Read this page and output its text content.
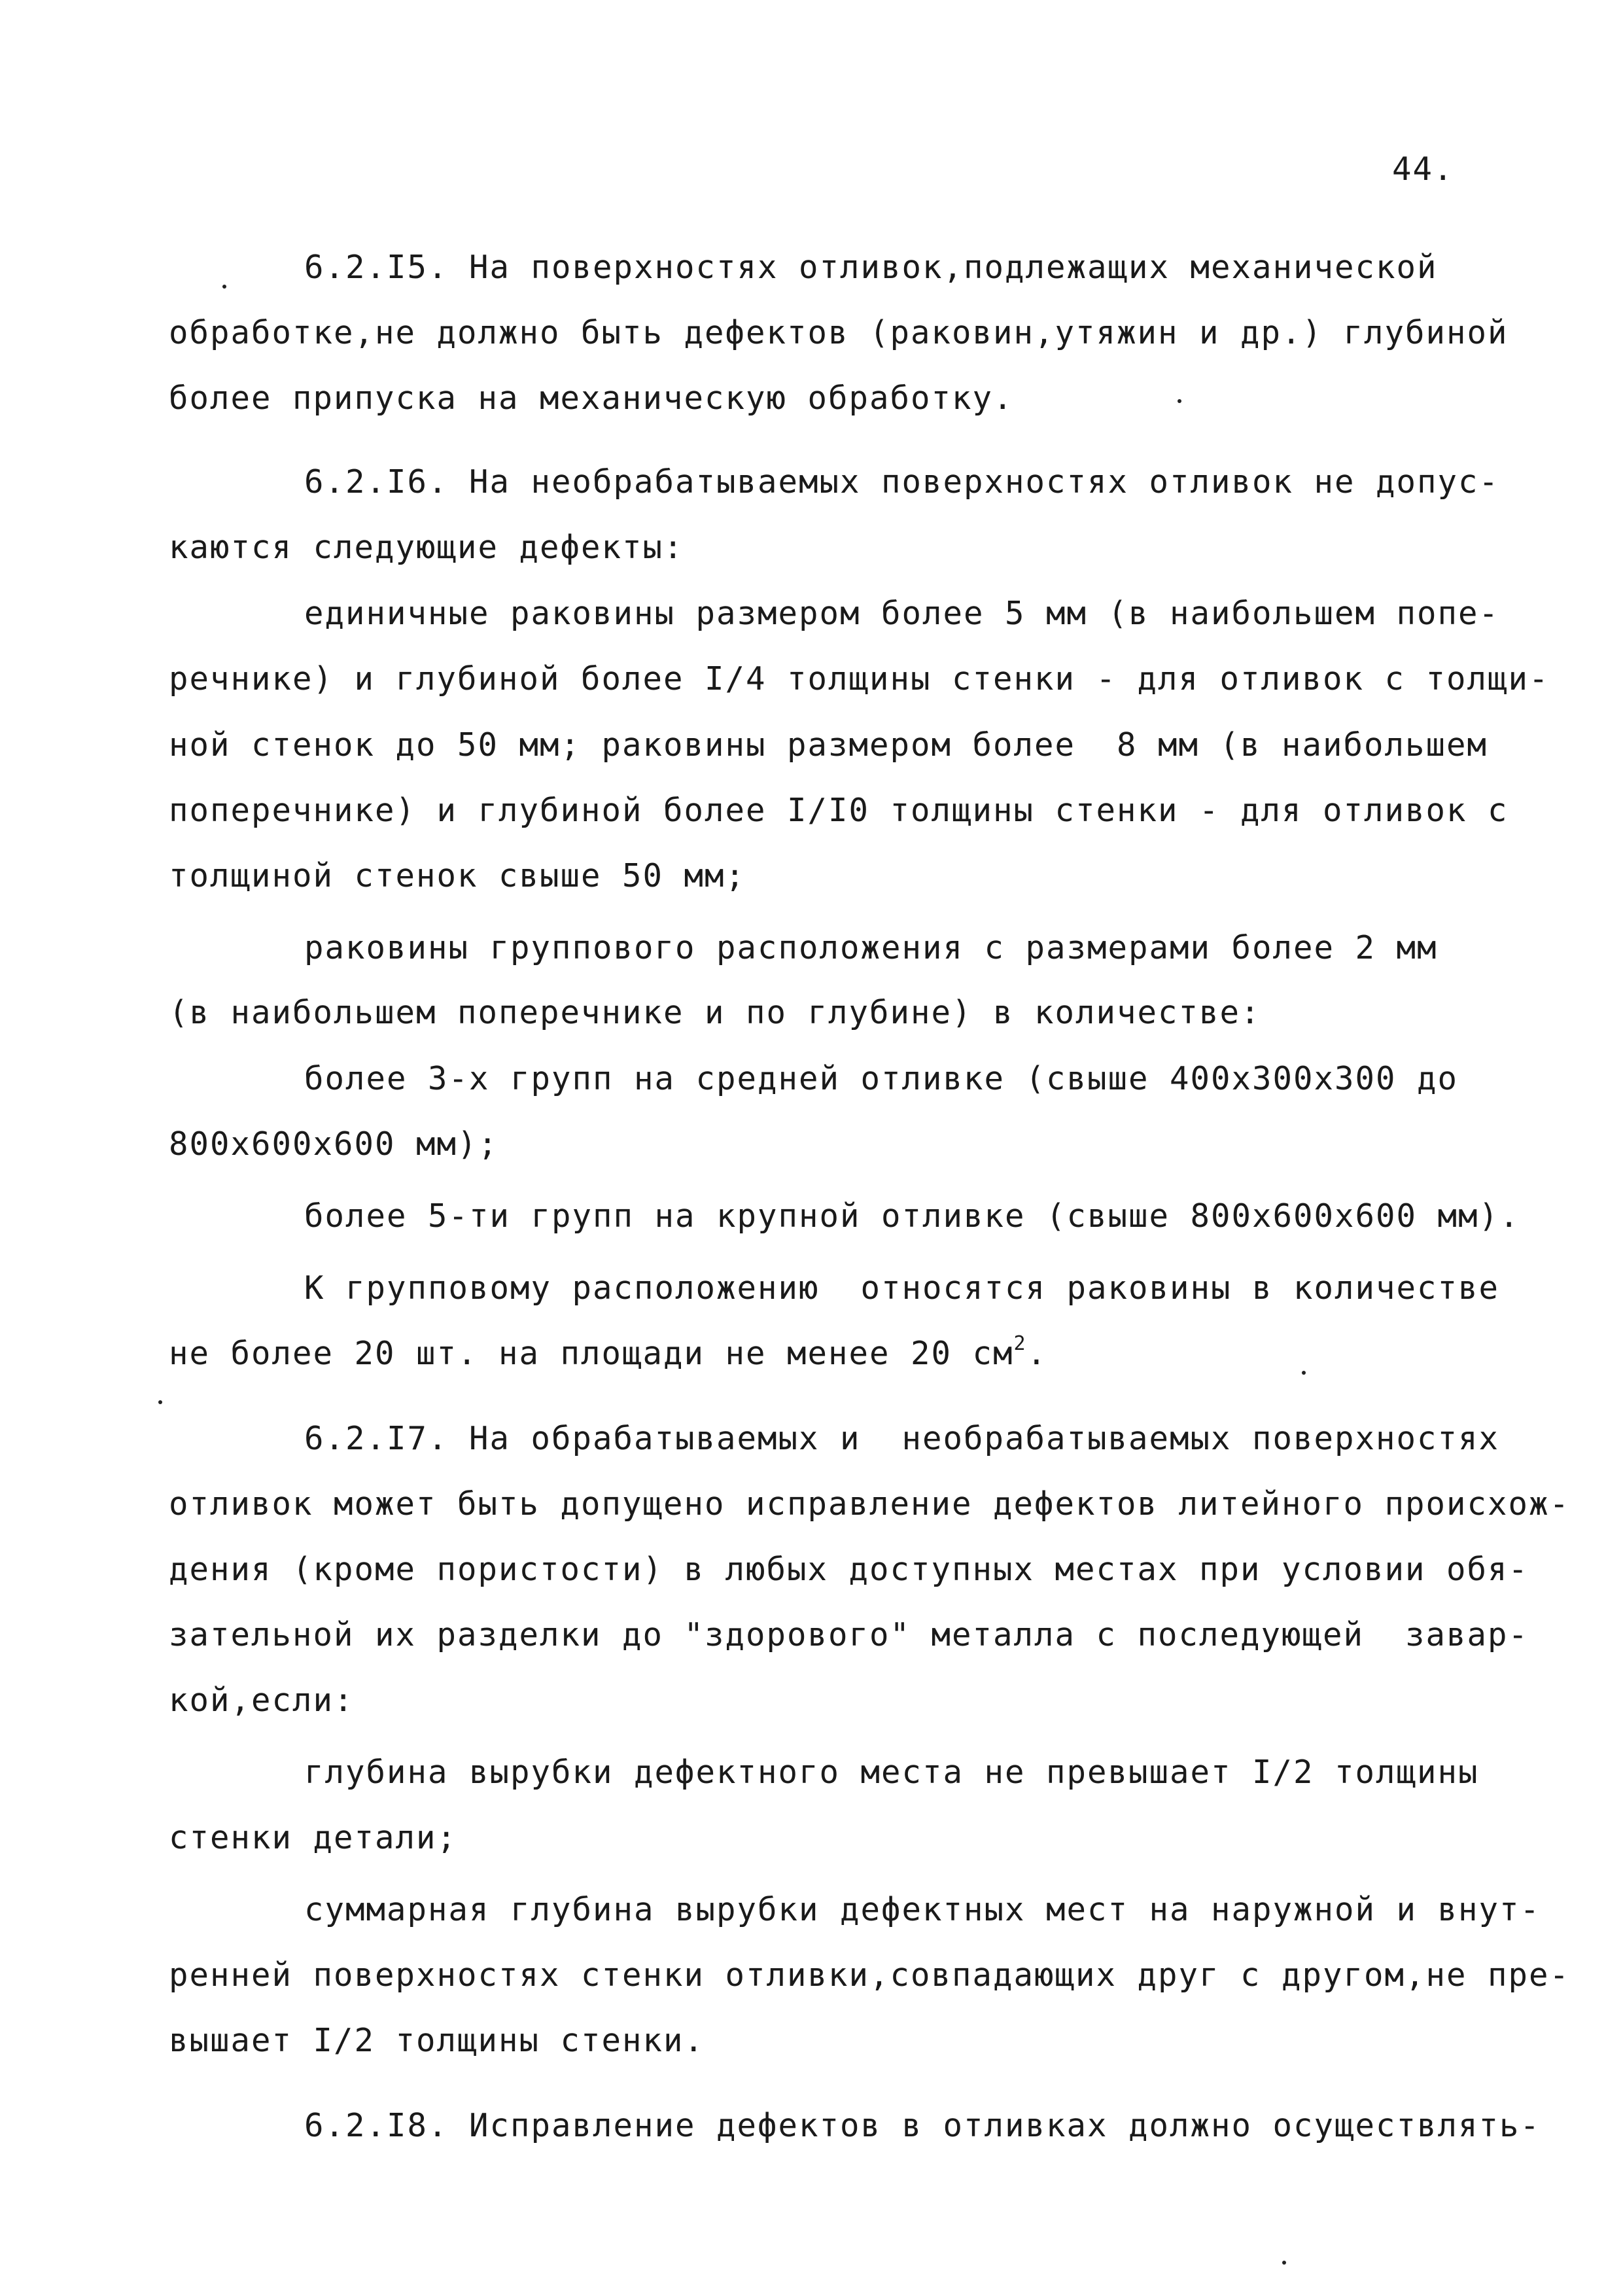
44.
6.2.I5. На поверхностях отливок,подлежащих механической
обработке,не должно быть дефектов (раковин,утяжин и др.) глубиной
более припуска на механическую обработку.
6.2.I6. На необрабатываемых поверхностях отливок не допус-
каются следующие дефекты:
единичные раковины размером более 5 мм (в наибольшем попе-
речнике) и глубиной более I/4 толщины стенки - для отливок с толщи-
ной стенок до 50 мм; раковины размером более  8 мм (в наибольшем
поперечнике) и глубиной более I/I0 толщины стенки - для отливок с
толщиной стенок свыше 50 мм;
раковины группового расположения с размерами более 2 мм
(в наибольшем поперечнике и по глубине) в количестве:
более 3-х групп на средней отливке (свыше 400х300х300 до
800х600х600 мм);
более 5-ти групп на крупной отливке (свыше 800х600х600 мм).
К групповому расположению  относятся раковины в количестве
не более 20 шт. на площади не менее 20 $см^2$.
6.2.I7. На обрабатываемых и  необрабатываемых поверхностях
отливок может быть допущено исправление дефектов литейного происхож-
дения (кроме пористости) в любых доступных местах при условии обя-
зательной их разделки до "здорового" металла с последующей  завар-
кой,если:
глубина вырубки дефектного места не превышает I/2 толщины
стенки детали;
суммарная глубина вырубки дефектных мест на наружной и внут-
ренней поверхностях стенки отливки,совпадающих друг с другом,не пре-
вышает I/2 толщины стенки.
6.2.I8. Исправление дефектов в отливках должно осуществлять-
